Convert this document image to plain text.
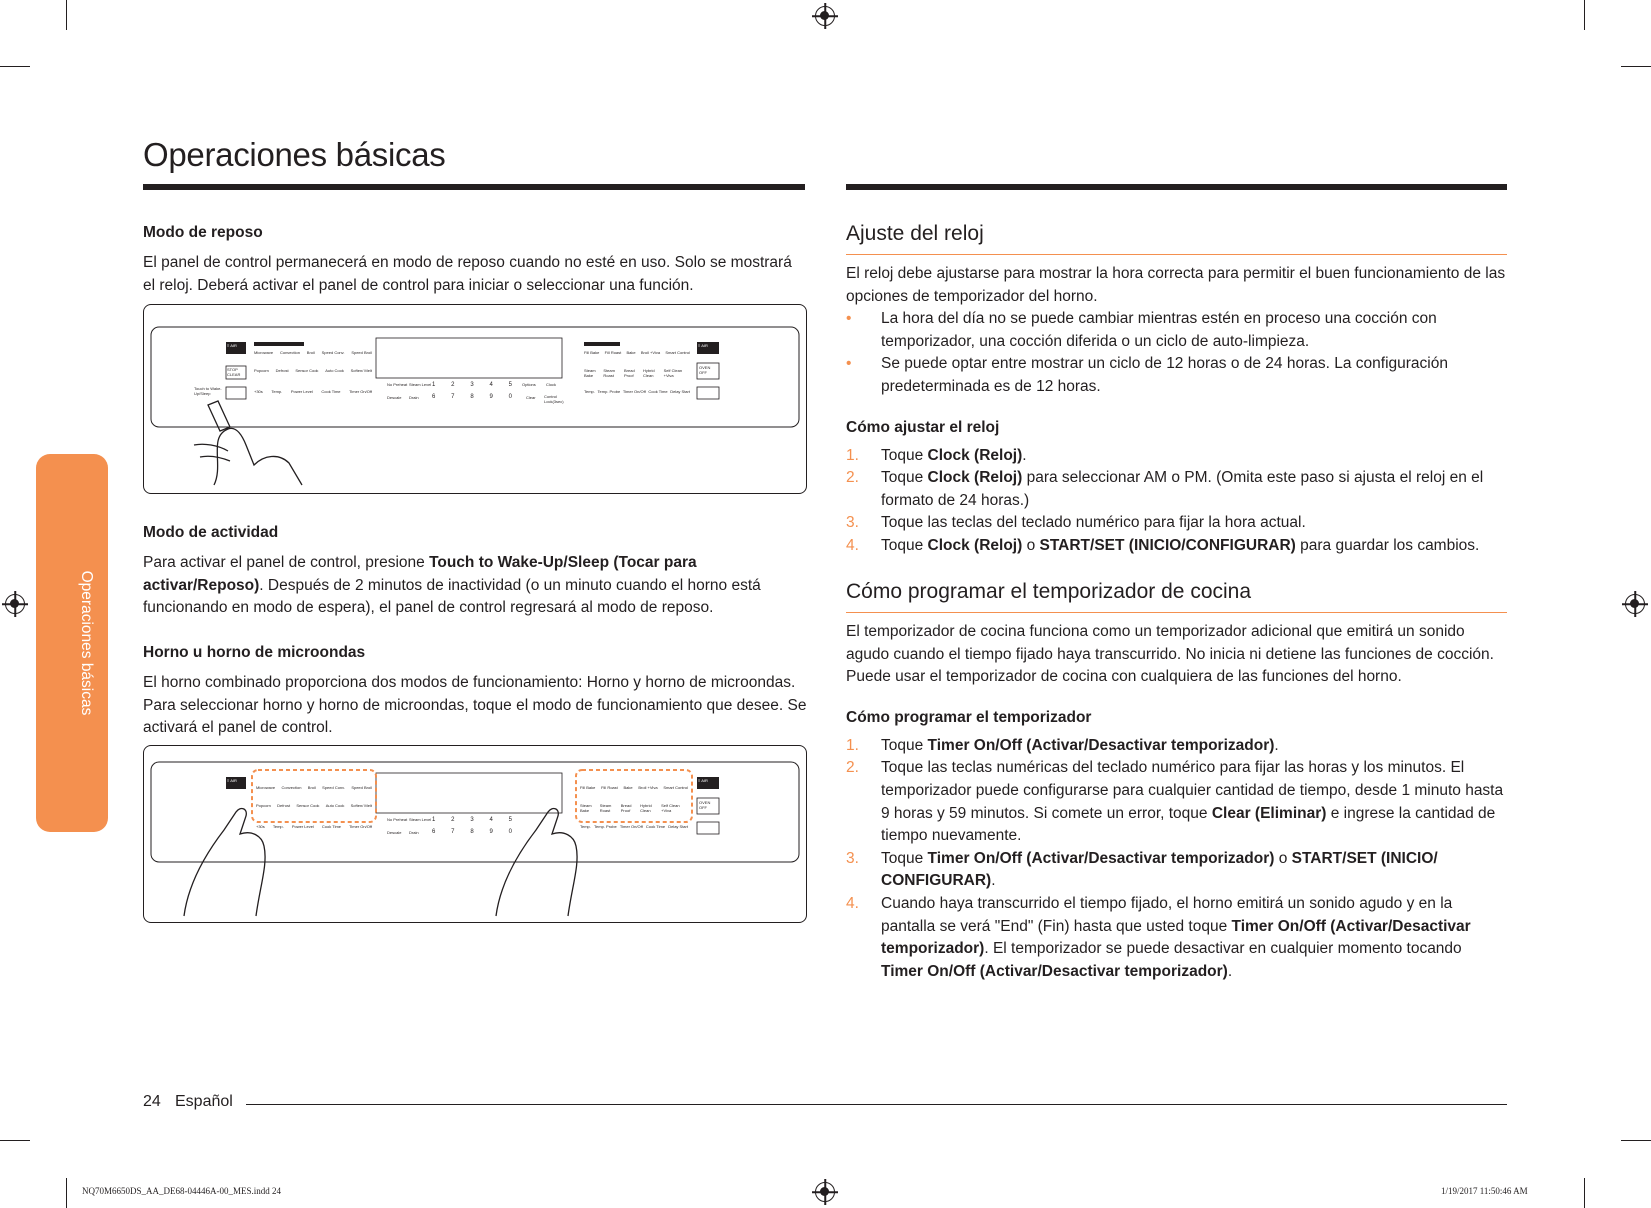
Operaciones básicas
Operaciones básicas

Modo de reposo

El panel de control permanecerá en modo de reposo cuando no esté en uso. Solo se mostrará el reloj. Deberá activar el panel de control para iniciar o seleccionar una función.

Touch to Wake-Up/Sleep
≡ AIR
STOP CLEAR
≡ AIR
OVEN OFF
Microwave Convection Broil Speed Conv. Speed Broil
Popcorn Defrost Sensor Cook Auto Cook Soften/ Melt
+30s Temp. Power Level Cook Time Timer On/Off
No Preheat Steam Level
Descale Drain
1	2	3	4	5
6	7	8	9	0
Options	Clock
Clear Control Lock(3sec)
Fill Bake Fill Roast Bake Broil +Viva Smart Control
Steam Bake
Steam Roast
Bread Proof
Hybrid Clean
Self Clean +Viva
Temp. Temp. Probe Timer On/Off Cook Time Delay Start

Modo de actividad

Para activar el panel de control, presione Touch to Wake-Up/Sleep (Tocar para activar/Reposo). Después de 2 minutos de inactividad (o un minuto cuando el horno está funcionando en modo de espera), el panel de control regresará al modo de reposo.

Horno u horno de microondas

El horno combinado proporciona dos modos de funcionamiento: Horno y horno de microondas. Para seleccionar horno y horno de microondas, toque el modo de funcionamiento que desee. Se activará el panel de control.

≡ AIR	≡ AIR
OVEN OFF
Microwave Convection Broil Speed Conv. Speed Broil
Popcorn Defrost Sensor Cook Auto Cook Soften/ Melt
+30s Temp. Power Level Cook Time Timer On/Off
No Preheat Steam Level
Descale Drain
1	2	3	4	5
6	7	8	9	0
Fill Bake Fill Roast Bake Broil +Viva Smart Control
Steam Bake
Steam Roast
Bread Proof
Hybrid Clean
Self Clean +Viva
Temp. Temp. Probe Timer On/Off Cook Time Delay Start

Ajuste del reloj

El reloj debe ajustarse para mostrar la hora correcta para permitir el buen funcionamiento de las opciones de temporizador del horno.

• La hora del día no se puede cambiar mientras estén en proceso una cocción con temporizador, una cocción diferida o un ciclo de auto-limpieza.
• Se puede optar entre mostrar un ciclo de 12 horas o de 24 horas. La configuración predeterminada es de 12 horas.

Cómo ajustar el reloj

1. Toque Clock (Reloj).
2. Toque Clock (Reloj) para seleccionar AM o PM. (Omita este paso si ajusta el reloj en el formato de 24 horas.)
3. Toque las teclas del teclado numérico para fijar la hora actual.
4. Toque Clock (Reloj) o START/SET (INICIO/CONFIGURAR) para guardar los cambios.

Cómo programar el temporizador de cocina

El temporizador de cocina funciona como un temporizador adicional que emitirá un sonido agudo cuando el tiempo fijado haya transcurrido. No inicia ni detiene las funciones de cocción. Puede usar el temporizador de cocina con cualquiera de las funciones del horno.

Cómo programar el temporizador

1. Toque Timer On/Off (Activar/Desactivar temporizador).
2. Toque las teclas numéricas del teclado numérico para fijar las horas y los minutos. El temporizador puede configurarse para cualquier cantidad de tiempo, desde 1 minuto hasta 9 horas y 59 minutos. Si comete un error, toque Clear (Eliminar) e ingrese la cantidad de tiempo nuevamente.
3. Toque Timer On/Off (Activar/Desactivar temporizador) o START/SET (INICIO/ CONFIGURAR).
4. Cuando haya transcurrido el tiempo fijado, el horno emitirá un sonido agudo y en la pantalla se verá "End" (Fin) hasta que usted toque Timer On/Off (Activar/Desactivar temporizador). El temporizador se puede desactivar en cualquier momento tocando Timer On/Off (Activar/Desactivar temporizador).
24 Español
NQ70M6650DS_AA_DE68-04446A-00_MES.indd 24	1/19/2017 11:50:46 AM
